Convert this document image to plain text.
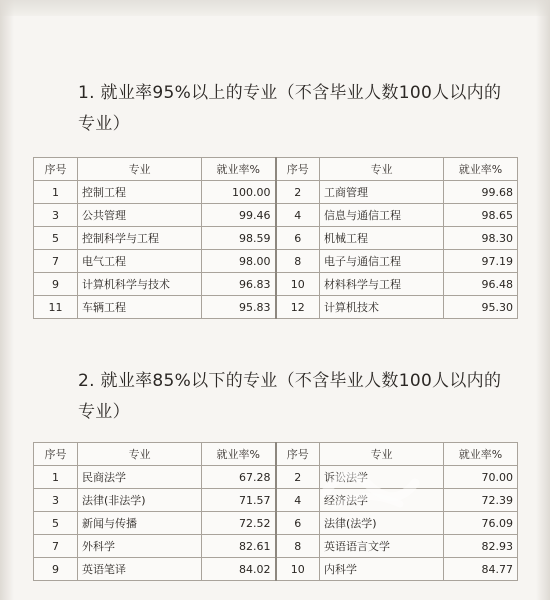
1. 就业率95%以上的专业（不含毕业人数100人以内的专业）
序号	专业	就业率%	序号	专业	就业率%
1	控制工程	100.00	2	工商管理	99.68
3	公共管理	99.46	4	信息与通信工程	98.65
5	控制科学与工程	98.59	6	机械工程	98.30
7	电气工程	98.00	8	电子与通信工程	97.19
9	计算机科学与技术	96.83	10	材料科学与工程	96.48
11	车辆工程	95.83	12	计算机技术	95.30
2. 就业率85%以下的专业（不含毕业人数100人以内的专业）
序号	专业	就业率%	序号	专业	就业率%
1	民商法学	67.28	2	诉讼法学	70.00
3	法律(非法学)	71.57	4	经济法学	72.39
5	新闻与传播	72.52	6	法律(法学)	76.09
7	外科学	82.61	8	英语语言文学	82.93
9	英语笔译	84.02	10	内科学	84.77
